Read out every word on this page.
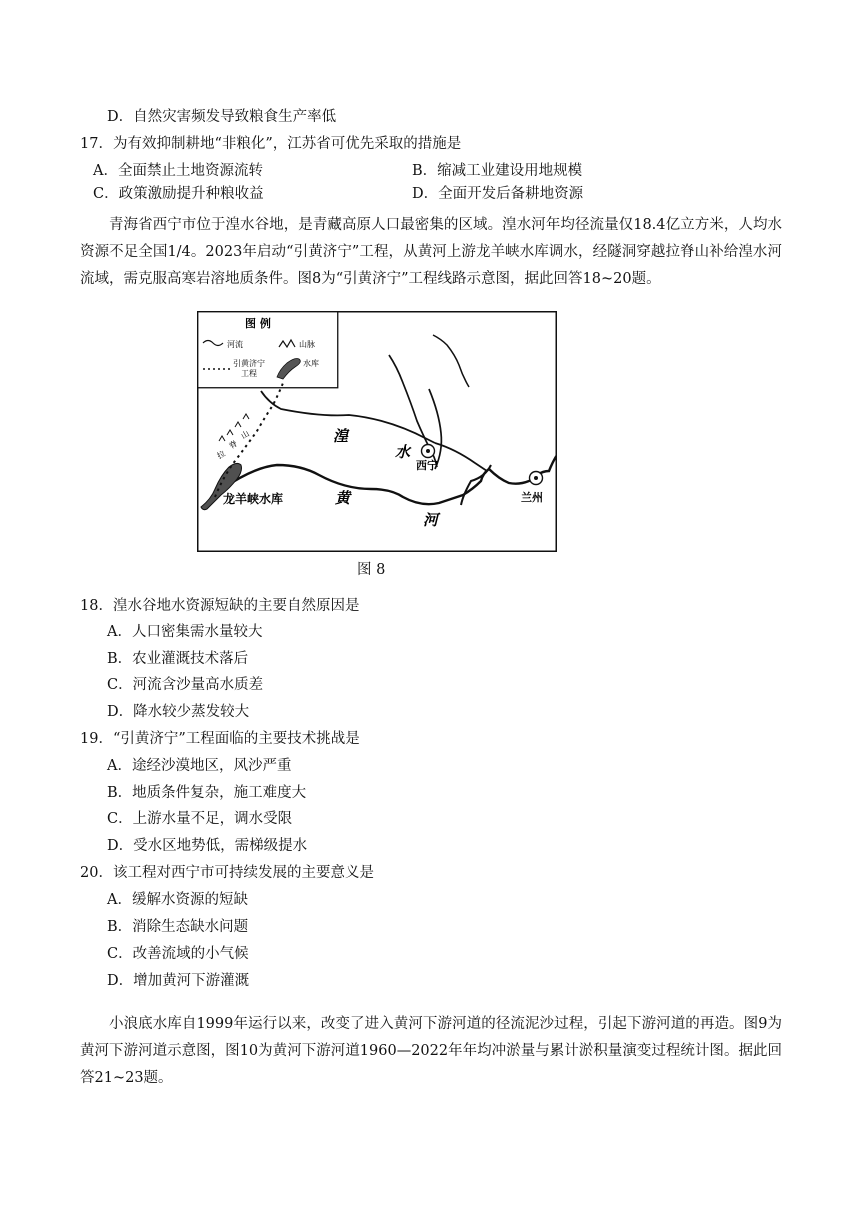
D．自然灾害频发导致粮食生产率低
17．为有效抑制耕地“非粮化”，江苏省可优先采取的措施是
A．全面禁止土地资源流转	B．缩减工业建设用地规模
C．政策激励提升种粮收益	D．全面开发后备耕地资源
青海省西宁市位于湟水谷地，是青藏高原人口最密集的区域。湟水河年均径流量仅18.4亿立方米，人均水资源不足全国1/4。2023年启动“引黄济宁”工程，从黄河上游龙羊峡水库调水，经隧洞穿越拉脊山补给湟水河流域，需克服高寒岩溶地质条件。图8为“引黄济宁”工程线路示意图，据此回答18~20题。
图 例
河流	山脉
引黄济宁
工程
水库
拉
脊
山	湟
水
西宁
兰州
黄
河
龙羊峡水库
图 8
18．湟水谷地水资源短缺的主要自然原因是
A．人口密集需水量较大
B．农业灌溉技术落后
C．河流含沙量高水质差
D．降水较少蒸发较大
19．“引黄济宁”工程面临的主要技术挑战是
A．途经沙漠地区，风沙严重
B．地质条件复杂，施工难度大
C．上游水量不足，调水受限
D．受水区地势低，需梯级提水
20．该工程对西宁市可持续发展的主要意义是
A．缓解水资源的短缺
B．消除生态缺水问题
C．改善流域的小气候
D．增加黄河下游灌溉
小浪底水库自1999年运行以来，改变了进入黄河下游河道的径流泥沙过程，引起下游河道的再造。图9为黄河下游河道示意图，图10为黄河下游河道1960—2022年年均冲淤量与累计淤积量演变过程统计图。据此回答21~23题。
